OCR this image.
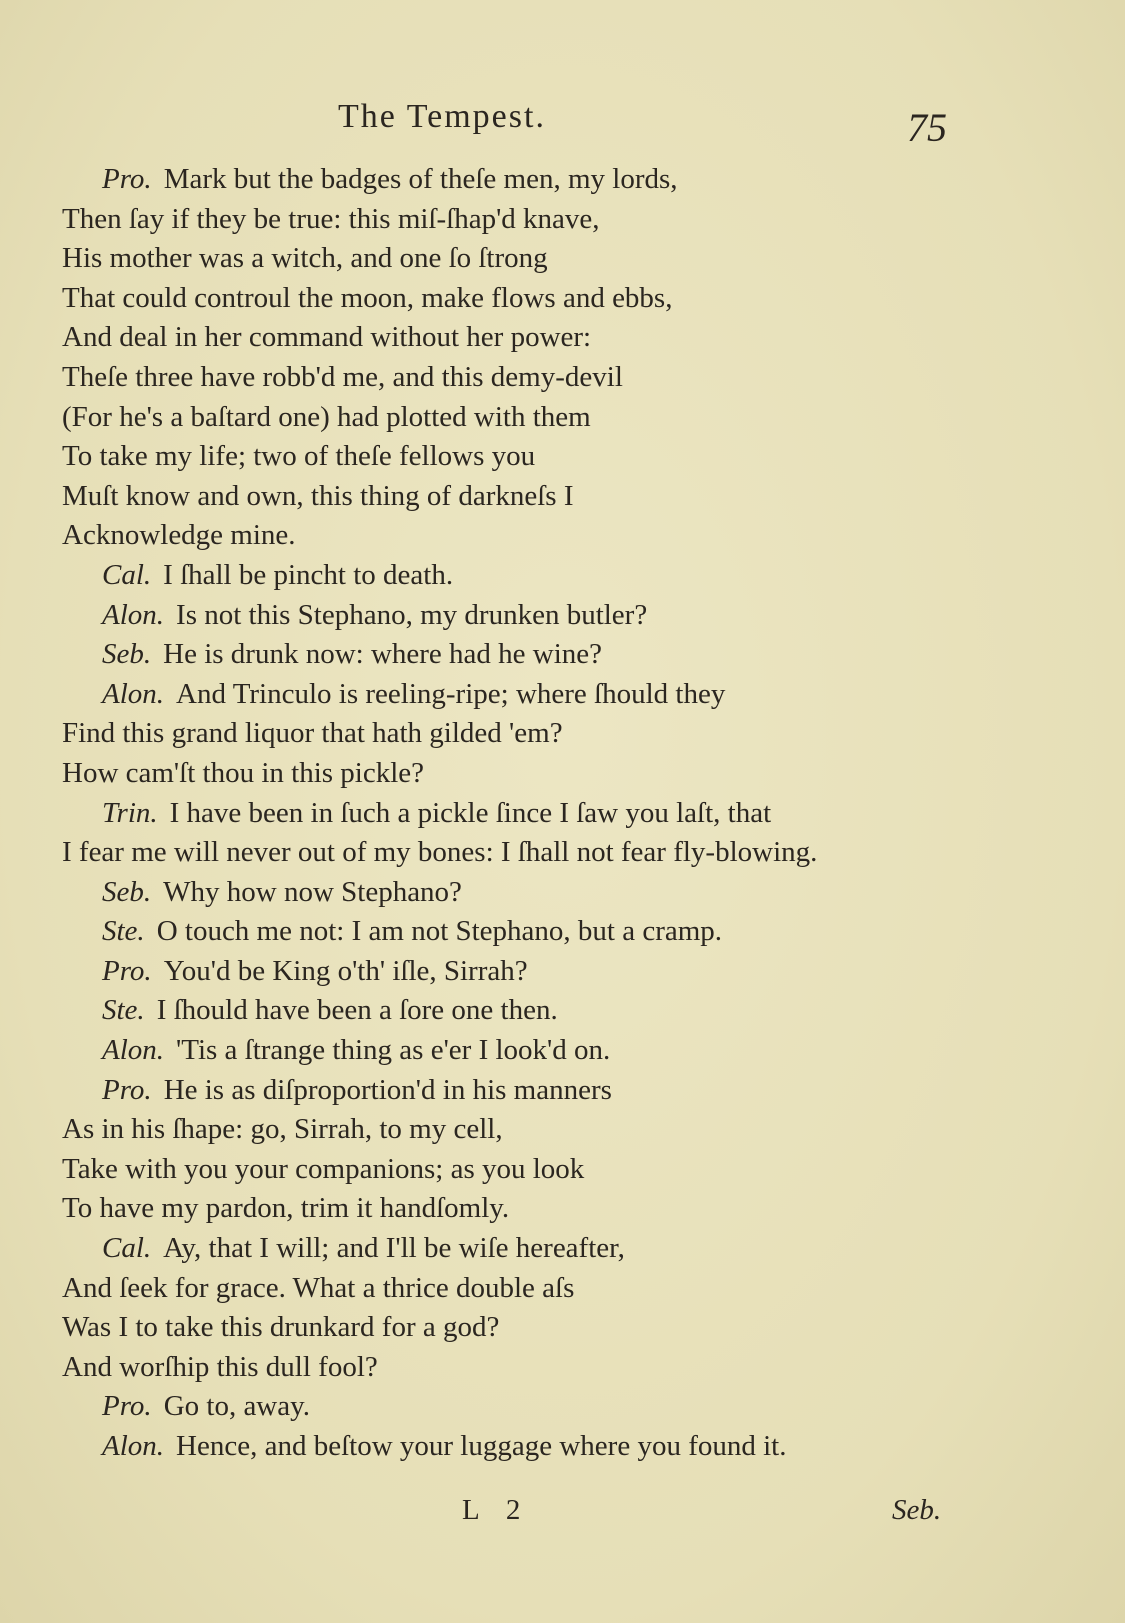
The Tempest.	75
Pro. Mark but the badges of theſe men, my lords,
Then ſay if they be true: this miſ-ſhap'd knave,
His mother was a witch, and one ſo ſtrong
That could controul the moon, make flows and ebbs,
And deal in her command without her power:
Theſe three have robb'd me, and this demy-devil
(For he's a baſtard one) had plotted with them
To take my life; two of theſe fellows you
Muſt know and own, this thing of darkneſs I
Acknowledge mine.
Cal. I ſhall be pincht to death.
Alon. Is not this Stephano, my drunken butler?
Seb. He is drunk now: where had he wine?
Alon. And Trinculo is reeling-ripe; where ſhould they
Find this grand liquor that hath gilded 'em?
How cam'ſt thou in this pickle?
Trin. I have been in ſuch a pickle ſince I ſaw you laſt, that
I fear me will never out of my bones: I ſhall not fear fly-blowing.
Seb. Why how now Stephano?
Ste. O touch me not: I am not Stephano, but a cramp.
Pro. You'd be King o'th' iſle, Sirrah?
Ste. I ſhould have been a ſore one then.
Alon. 'Tis a ſtrange thing as e'er I look'd on.
Pro. He is as diſproportion'd in his manners
As in his ſhape: go, Sirrah, to my cell,
Take with you your companions; as you look
To have my pardon, trim it handſomly.
Cal. Ay, that I will; and I'll be wiſe hereafter,
And ſeek for grace. What a thrice double aſs
Was I to take this drunkard for a god?
And worſhip this dull fool?
Pro. Go to, away.
Alon. Hence, and beſtow your luggage where you found it.
L 2	Seb.
